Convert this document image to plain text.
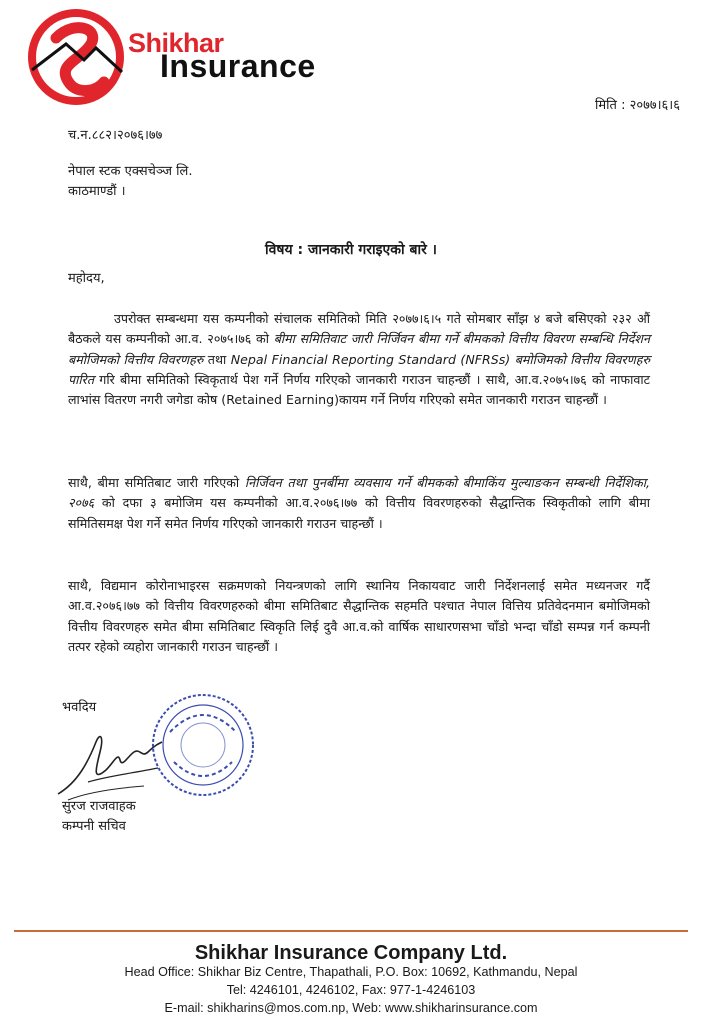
Shikhar
Insurance
मिति : २०७७।६।६
च.न.८८२।२०७६।७७
नेपाल स्टक एक्सचेञ्ज लि.
काठमाण्डौं ।
विषय : जानकारी गराइएको बारे ।
महोदय,

उपरोक्त सम्बन्धमा यस कम्पनीको संचालक समितिको मिति २०७७।६।५ गते सोमबार साँझ ४ बजे बसिएको २३२ औं बैठकले यस कम्पनीको आ.व. २०७५।७६ को बीमा समितिवाट जारी निर्जिवन बीमा गर्ने बीमकको वित्तीय विवरण सम्बन्धि निर्देशन बमोजिमको वित्तीय विवरणहरु तथा Nepal Financial Reporting Standard (NFRSs) बमोजिमको वित्तीय विवरणहरु पारित गरि बीमा समितिको स्विकृतार्थ पेश गर्ने निर्णय गरिएको जानकारी गराउन चाहन्छौं । साथै, आ.व.२०७५।७६ को नाफावाट लाभांस वितरण नगरी जगेडा कोष (Retained Earning)कायम गर्ने निर्णय गरिएको समेत जानकारी गराउन चाहन्छौं ।

साथै, बीमा समितिबाट जारी गरिएको निर्जिवन तथा पुनर्बीमा व्यवसाय गर्ने बीमकको बीमाकिंय मुल्याङकन सम्बन्धी निर्देशिका, २०७६ को दफा ३ बमोजिम यस कम्पनीको आ.व.२०७६।७७ को वित्तीय विवरणहरुको सैद्धान्तिक स्विकृतीको लागि बीमा समितिसमक्ष पेश गर्ने समेत निर्णय गरिएको जानकारी गराउन चाहन्छौं ।

साथै, विद्यमान कोरोनाभाइरस सक्रमणको नियन्त्रणको लागि स्थानिय निकायवाट जारी निर्देशनलाई समेत मध्यनजर गर्दै आ.व.२०७६।७७ को वित्तीय विवरणहरुको बीमा समितिबाट सैद्धान्तिक सहमति पश्चात नेपाल वित्तिय प्रतिवेदनमान बमोजिमको वित्तीय विवरणहरु समेत बीमा समितिबाट स्विकृति लिई दुवै आ.व.को वार्षिक साधारणसभा चाँडो भन्दा चाँडो सम्पन्न गर्न कम्पनी तत्पर रहेको व्यहोरा जानकारी गराउन चाहन्छौं ।

भवदिय
सुरज राजवाहक
कम्पनी सचिव
Shikhar Insurance Company Ltd.
Head Office: Shikhar Biz Centre, Thapathali, P.O. Box: 10692, Kathmandu, Nepal
Tel: 4246101, 4246102, Fax: 977-1-4246103
E-mail: shikharins@mos.com.np, Web: www.shikharinsurance.com
